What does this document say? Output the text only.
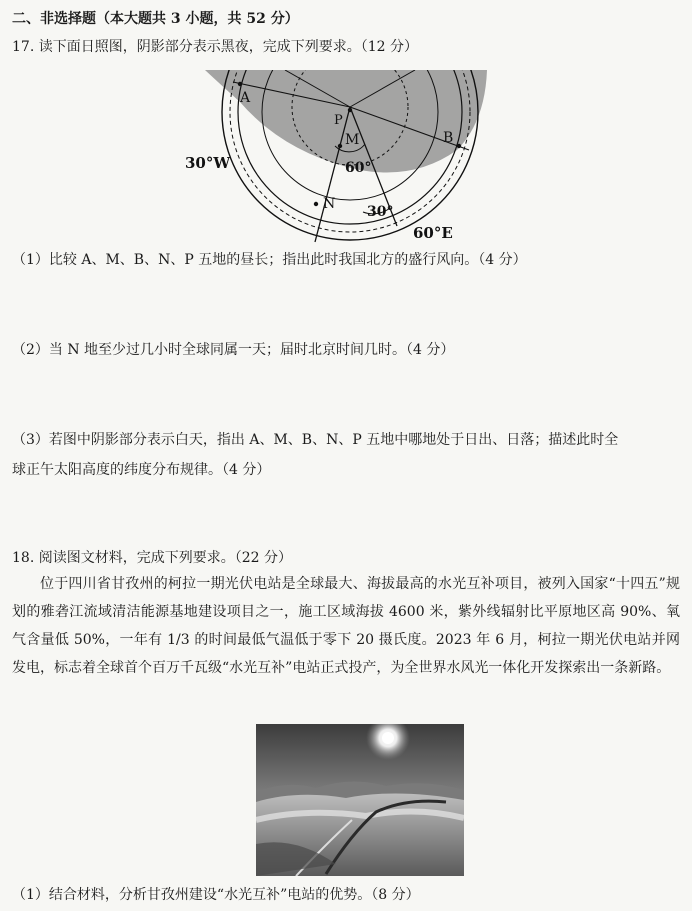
二、非选择题（本大题共 3 小题，共 52 分）
17. 读下面日照图，阴影部分表示黑夜，完成下列要求。（12 分）
A
P
M	B
N
30°W	60°
30°
60°E
（1）比较 A、M、B、N、P 五地的昼长；指出此时我国北方的盛行风向。（4 分）
（2）当 N 地至少过几小时全球同属一天；届时北京时间几时。（4 分）
（3）若图中阴影部分表示白天，指出 A、M、B、N、P 五地中哪地处于日出、日落；描述此时全
球正午太阳高度的纬度分布规律。（4 分）
18. 阅读图文材料，完成下列要求。（22 分）
位于四川省甘孜州的柯拉一期光伏电站是全球最大、海拔最高的水光互补项目，被列入国家“十四五”规划的雅砻江流域清洁能源基地建设项目之一，施工区域海拔 4600 米，紫外线辐射比平原地区高 90%、氧气含量低 50%，一年有 1/3 的时间最低气温低于零下 20 摄氏度。2023 年 6 月，柯拉一期光伏电站并网发电，标志着全球首个百万千瓦级“水光互补”电站正式投产，为全世界水风光一体化开发探索出一条新路。
（1）结合材料，分析甘孜州建设“水光互补”电站的优势。（8 分）
